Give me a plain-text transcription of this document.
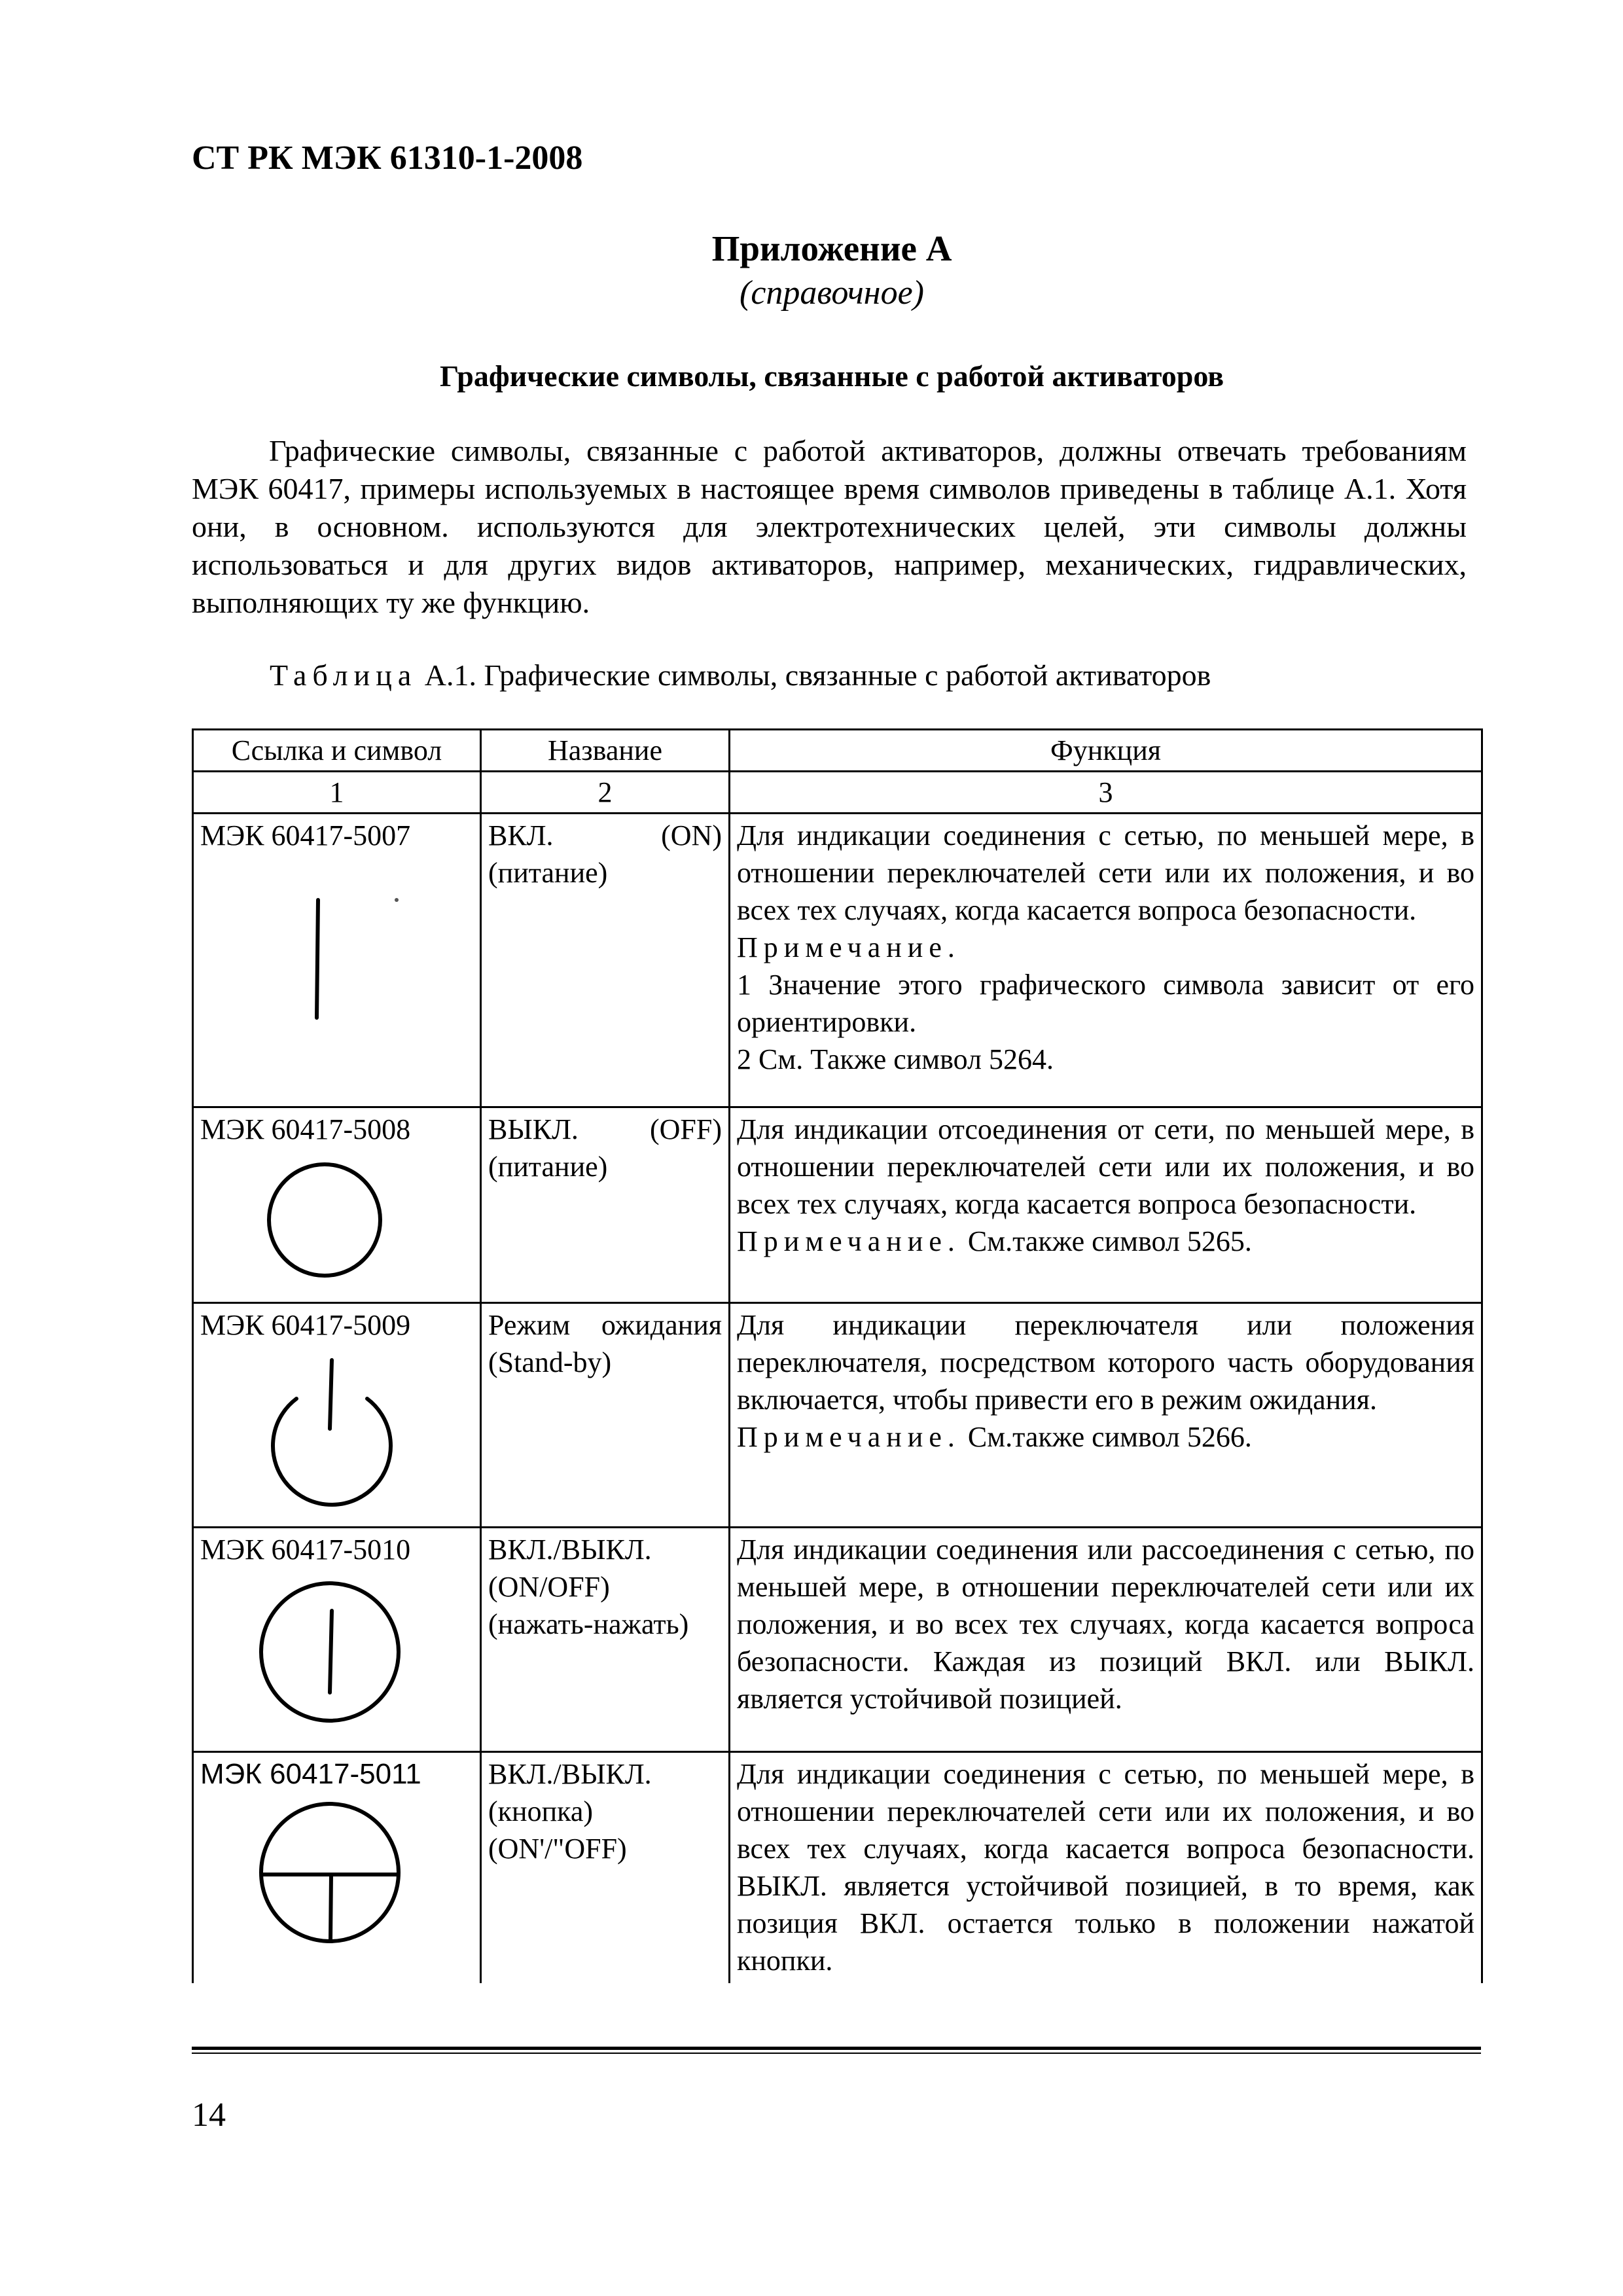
СТ РК МЭК 61310-1-2008
Приложение А
(справочное)
Графические символы, связанные с работой активаторов

Графические символы, связанные с работой активаторов, должны отвечать требованиям МЭК 60417, примеры используемых в настоящее время символов приведены в таблице А.1. Хотя они, в основном. используются для электротехнических целей, эти символы должны использоваться и для других видов активаторов, например, механических, гидравлических, выполняющих ту же функцию.

Таблица А.1. Графические символы, связанные с работой активаторов
Ссылка и символ	Название	Функция
1	2	3

МЭК 60417-5007	ВКЛ. (ON) (питание)	Для индикации соединения с сетью, по меньшей мере, в отношении переключателей сети или их положения, и во всех тех случаях, когда касается вопроса безопасности.
Примечание.
1 Значение этого графического символа зависит от его ориентировки.
2 См. Также символ 5264.

МЭК 60417-5008	ВЫКЛ. (OFF) (питание)	Для индикации отсоединения от сети, по меньшей мере, в отношении переключателей сети или их положения, и во всех тех случаях, когда касается вопроса безопасности.
Примечание. См.также символ 5265.

МЭК 60417-5009	Режим ожидания (Stand-by)	Для индикации переключателя или положения переключателя, посредством которого часть оборудования включается, чтобы привести его в режим ожидания.
Примечание. См.также символ 5266.

МЭК 60417-5010	ВКЛ./ВЫКЛ. (ON/OFF) (нажать-нажать)	Для индикации соединения или рассоединения с сетью, по меньшей мере, в отношении переключателей сети или их положения, и во всех тех случаях, когда касается вопроса безопасности. Каждая из позиций ВКЛ. или ВЫКЛ. является устойчивой позицией.

МЭК 60417-5011	ВКЛ./ВЫКЛ. (кнопка)(ON'/"OFF)	Для индикации соединения с сетью, по меньшей мере, в отношении переключателей сети или их положения, и во всех тех случаях, когда касается вопроса безопасности. ВЫКЛ. является устойчивой позицией, в то время, как позиция ВКЛ. остается только в положении нажатой кнопки.
14
